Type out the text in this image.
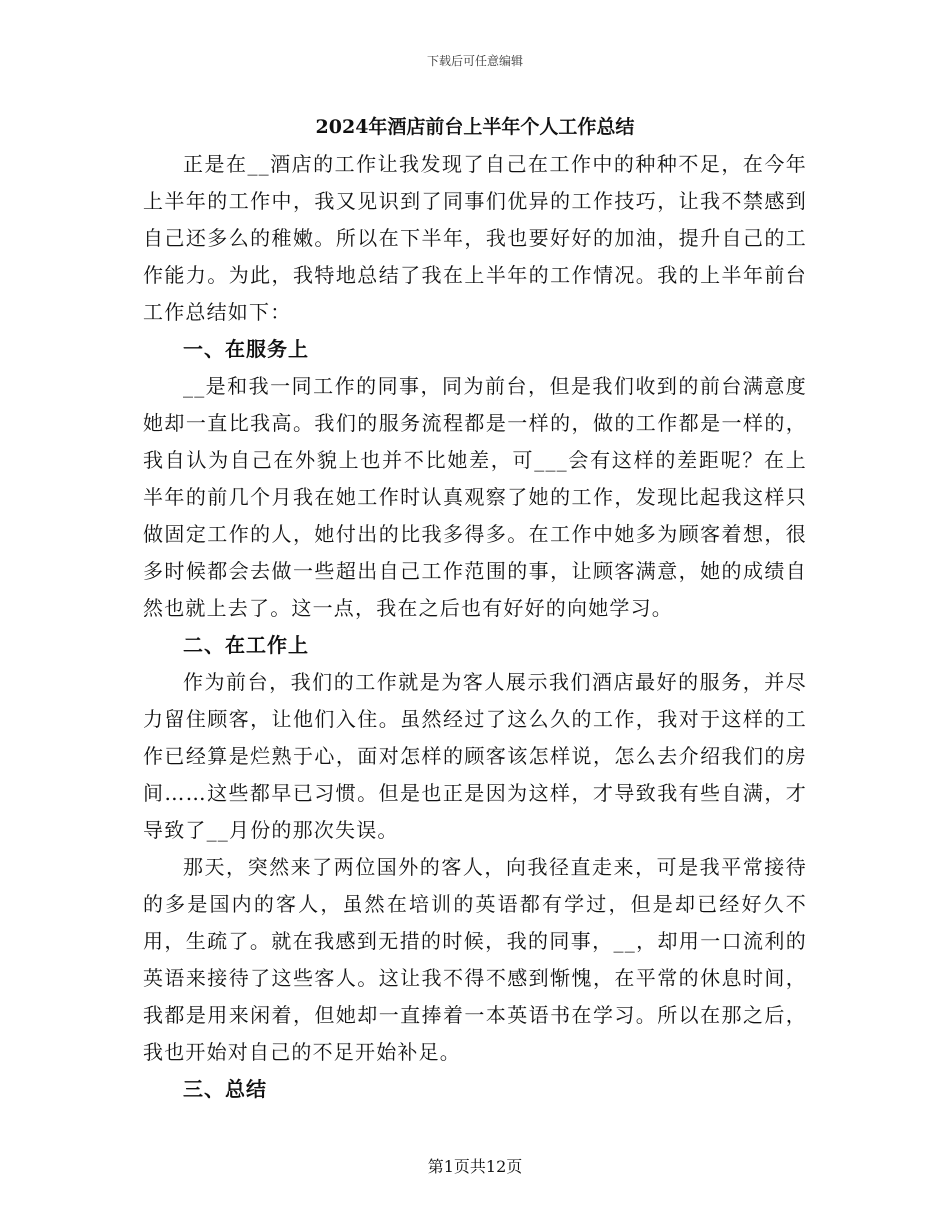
下载后可任意编辑
2024年酒店前台上半年个人工作总结

正是在__酒店的工作让我发现了自己在工作中的种种不足，在今年上半年的工作中，我又见识到了同事们优异的工作技巧，让我不禁感到自己还多么的稚嫩。所以在下半年，我也要好好的加油，提升自己的工作能力。为此，我特地总结了我在上半年的工作情况。我的上半年前台工作总结如下：

一、在服务上

__是和我一同工作的同事，同为前台，但是我们收到的前台满意度她却一直比我高。我们的服务流程都是一样的，做的工作都是一样的，我自认为自己在外貌上也并不比她差，可___会有这样的差距呢？在上半年的前几个月我在她工作时认真观察了她的工作，发现比起我这样只做固定工作的人，她付出的比我多得多。在工作中她多为顾客着想，很多时候都会去做一些超出自己工作范围的事，让顾客满意，她的成绩自然也就上去了。这一点，我在之后也有好好的向她学习。

二、在工作上

作为前台，我们的工作就是为客人展示我们酒店最好的服务，并尽力留住顾客，让他们入住。虽然经过了这么久的工作，我对于这样的工作已经算是烂熟于心，面对怎样的顾客该怎样说，怎么去介绍我们的房间……这些都早已习惯。但是也正是因为这样，才导致我有些自满，才导致了__月份的那次失误。

那天，突然来了两位国外的客人，向我径直走来，可是我平常接待的多是国内的客人，虽然在培训的英语都有学过，但是却已经好久不用，生疏了。就在我感到无措的时候，我的同事，__，却用一口流利的英语来接待了这些客人。这让我不得不感到惭愧，在平常的休息时间，我都是用来闲着，但她却一直捧着一本英语书在学习。所以在那之后，我也开始对自己的不足开始补足。

三、总结
第1页共12页
